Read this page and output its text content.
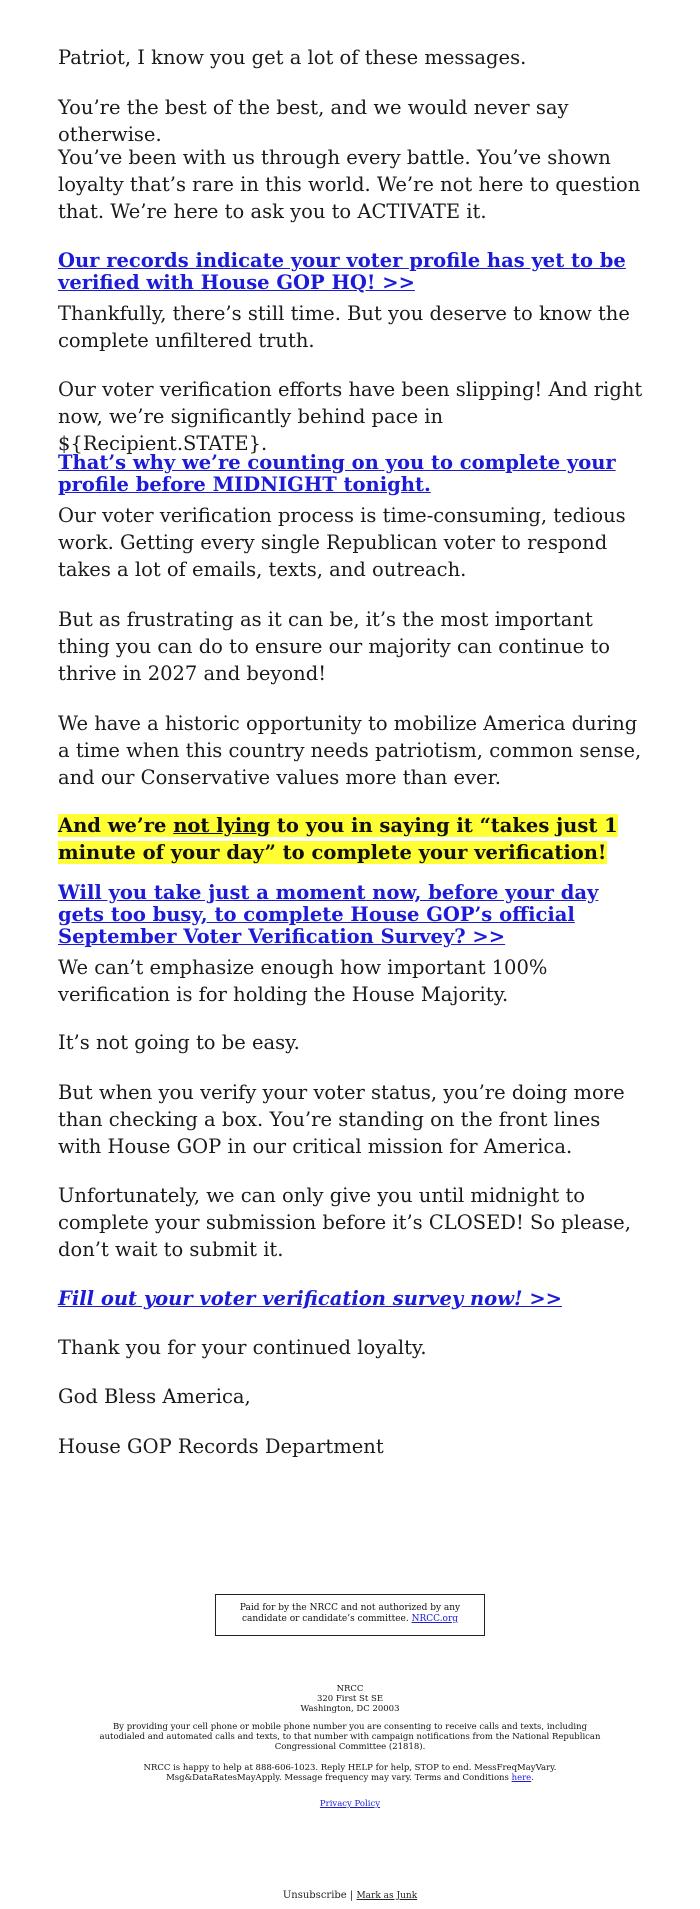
Patriot, I know you get a lot of these messages.

You’re the best of the best, and we would never say otherwise.

You’ve been with us through every battle. You’ve shown loyalty that’s rare in this world. We’re not here to question that. We’re here to ask you to ACTIVATE it.

Our records indicate your voter profile has yet to be verified with House GOP HQ! >>

Thankfully, there’s still time. But you deserve to know the complete unfiltered truth.

Our voter verification efforts have been slipping! And right now, we’re significantly behind pace in ${Recipient.STATE}.

That’s why we’re counting on you to complete your profile before MIDNIGHT tonight.

Our voter verification process is time-consuming, tedious work. Getting every single Republican voter to respond takes a lot of emails, texts, and outreach.

But as frustrating as it can be, it’s the most important thing you can do to ensure our majority can continue to thrive in 2027 and beyond!

We have a historic opportunity to mobilize America during a time when this country needs patriotism, common sense, and our Conservative values more than ever.

And we’re not lying to you in saying it “takes just 1 minute of your day” to complete your verification!

Will you take just a moment now, before your day gets too busy, to complete House GOP’s official September Voter Verification Survey? >>

We can’t emphasize enough how important 100% verification is for holding the House Majority.

It’s not going to be easy.

But when you verify your voter status, you’re doing more than checking a box. You’re standing on the front lines with House GOP in our critical mission for America.

Unfortunately, we can only give you until midnight to complete your submission before it’s CLOSED! So please, don’t wait to submit it.

Fill out your voter verification survey now! >>

Thank you for your continued loyalty.

God Bless America,

House GOP Records Department

Paid for by the NRCC and not authorized by any candidate or candidate’s committee. NRCC.org

NRCC

320 First St SE

Washington, DC 20003

By providing your cell phone or mobile phone number you are consenting to receive calls and texts, including autodialed and automated calls and texts, to that number with campaign notifications from the National Republican Congressional Committee (21818).

NRCC is happy to help at 888-606-1023. Reply HELP for help, STOP to end. MessFreqMayVary. Msg&DataRatesMayApply. Message frequency may vary. Terms and Conditions here.

Privacy Policy

Unsubscribe | Mark as Junk
